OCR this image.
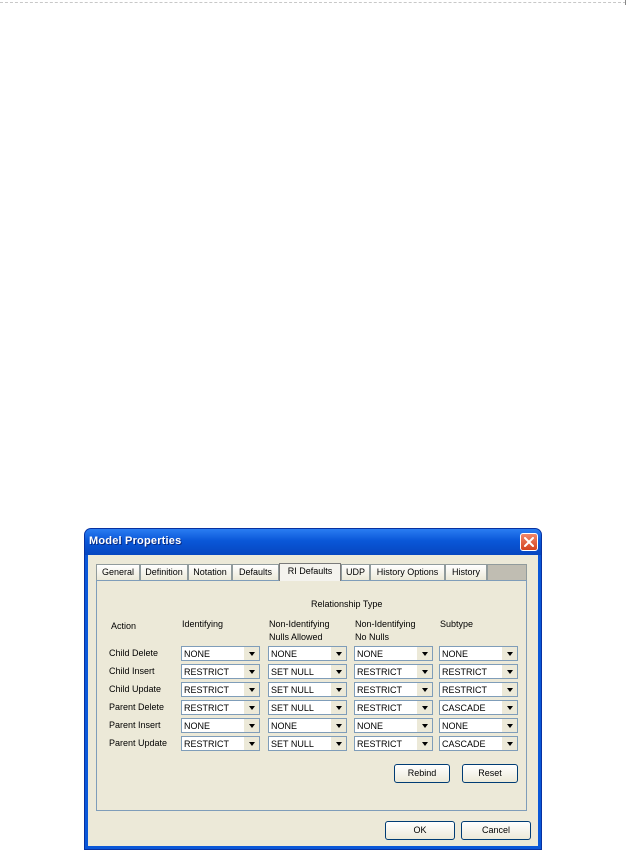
Model Properties
General	Definition	Notation	Defaults	RI Defaults	UDP	History Options	History
Relationship Type
Action	Identifying	Non-Identifying
Nulls Allowed
Non-Identifying
No Nulls
Subtype
Child Delete	NONE	NONE	NONE	NONE
Child Insert	RESTRICT	SET NULL	RESTRICT	RESTRICT
Child Update	RESTRICT	SET NULL	RESTRICT	RESTRICT
Parent Delete RESTRICT	SET NULL	RESTRICT	CASCADE
Parent Insert	NONE	NONE	NONE	NONE
Parent Update RESTRICT	SET NULL	RESTRICT	CASCADE
Rebind	Reset
OK	Cancel
